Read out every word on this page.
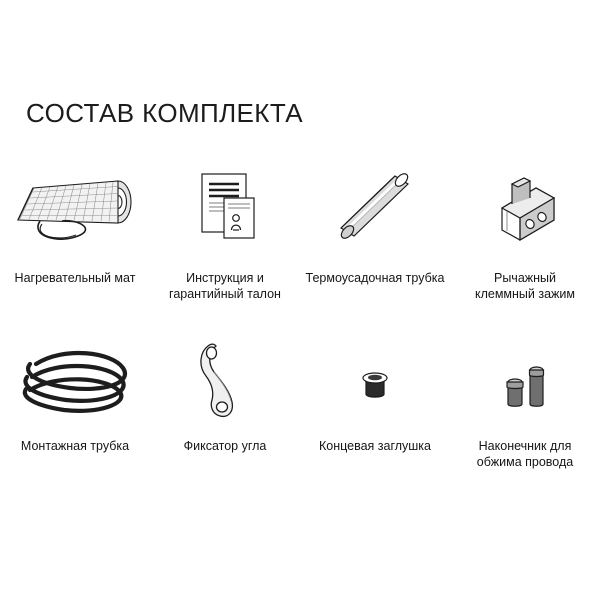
СОСТАВ КОМПЛЕКТА
Нагревательный мат	Инструкция и гарантийный талон
Термоусадочная трубка	Рычажный клеммный зажим
Монтажная трубка	Фиксатор угла	Концевая заглушка	Наконечник для обжима провода
